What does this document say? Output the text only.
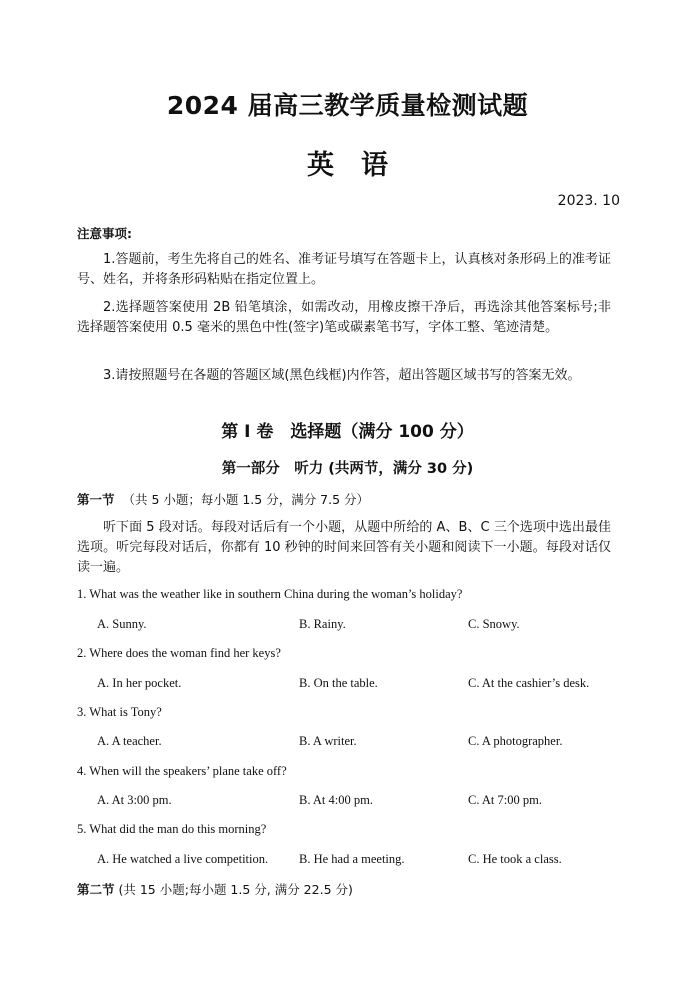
2024 届高三教学质量检测试题
英　语
2023. 10
注意事项:
1.答题前，考生先将自己的姓名、准考证号填写在答题卡上，认真核对条形码上的准考证号、姓名，并将条形码粘贴在指定位置上。
2.选择题答案使用 2B 铅笔填涂，如需改动，用橡皮擦干净后，再选涂其他答案标号;非选择题答案使用 0.5 毫米的黑色中性(签字)笔或碳素笔书写，字体工整、笔迹清楚。
3.请按照题号在各题的答题区域(黑色线框)内作答，超出答题区域书写的答案无效。
第 Ⅰ 卷　选择题（满分 100 分）
第一部分　听力 (共两节，满分 30 分)
第一节 （共 5 小题；每小题 1.5 分，满分 7.5 分）
听下面 5 段对话。每段对话后有一个小题，从题中所给的 A、B、C 三个选项中选出最佳选项。听完每段对话后，你都有 10 秒钟的时间来回答有关小题和阅读下一小题。每段对话仅读一遍。
1. What was the weather like in southern China during the woman’s holiday?
A. Sunny.	B. Rainy.	C. Snowy.
2. Where does the woman find her keys?
A. In her pocket.	B. On the table.	C. At the cashier’s desk.
3. What is Tony?
A. A teacher.	B. A writer.	C. A photographer.
4. When will the speakers’ plane take off?
A. At 3:00 pm.	B. At 4:00 pm.	C. At 7:00 pm.
5. What did the man do this morning?
A. He watched a live competition. B. He had a meeting.	C. He took a class.
第二节 (共 15 小题;每小题 1.5 分, 满分 22.5 分)
